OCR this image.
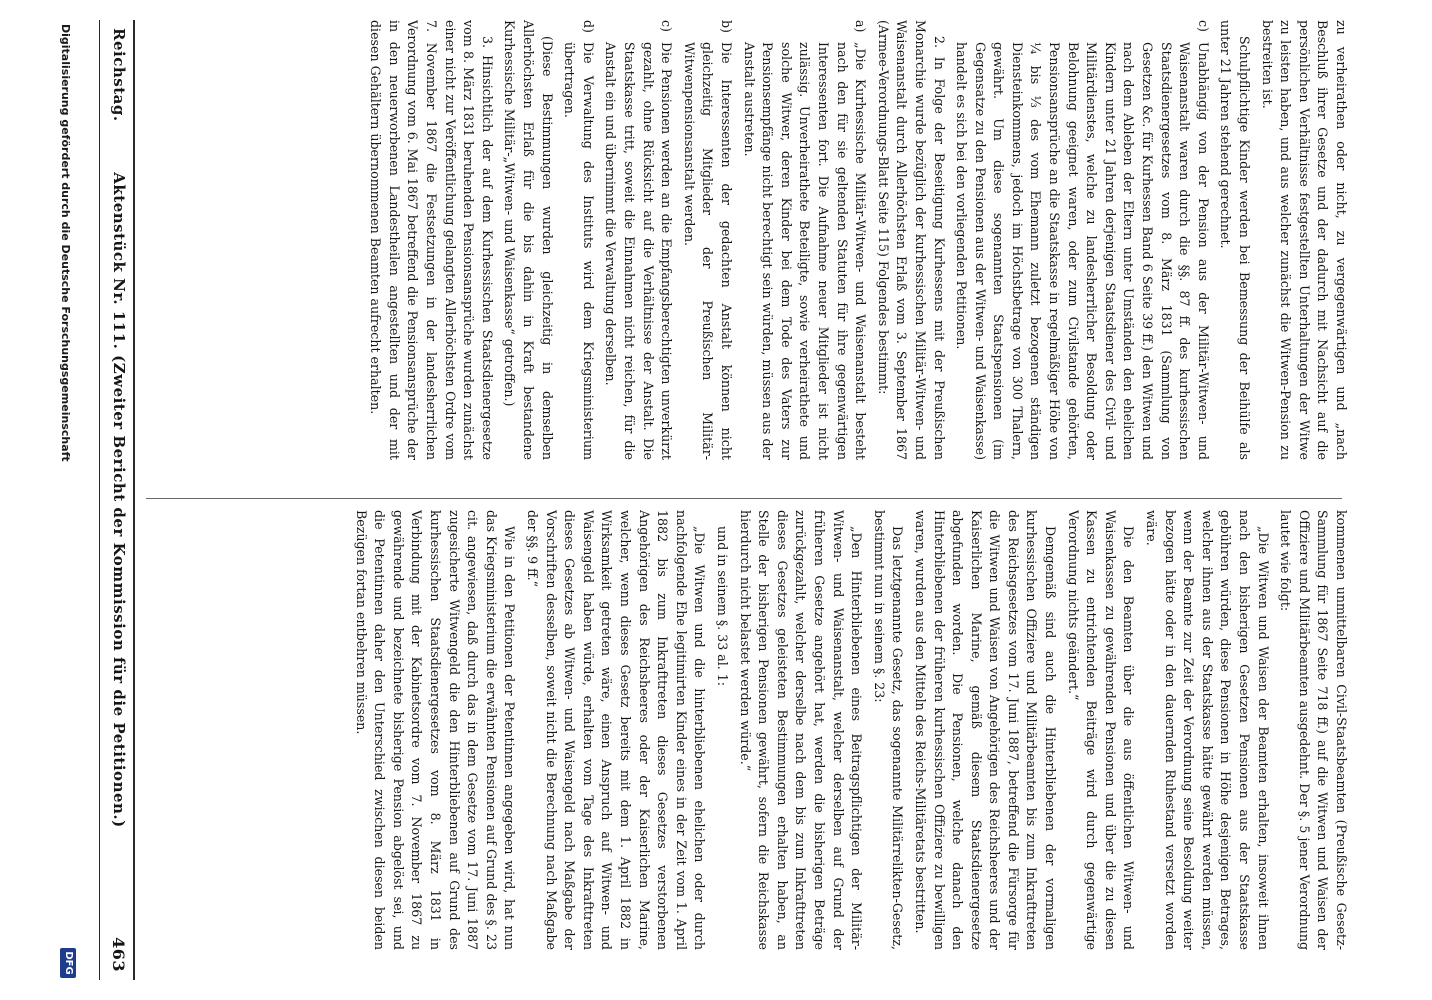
Reichstag.
Aktenstück Nr. 111. (Zweiter Bericht der Kommission für die Petitionen.)
463

zu verheirathen oder nicht, zu vergegenwärtigen und „nach Beschluß ihrer Gesetze und der dadurch mit Nachsicht auf die persönlichen Verhältnisse festgestellten Unterhaltungen der Witwe zu leisten haben, und aus welcher zunächst die Witwen-Pension zu bestreiten ist.

Schulpflichtige Kinder werden bei Bemessung der Beihülfe als unter 21 Jahren stehend gerechnet.

c)
Unabhängig von der Pension aus der Militär-Witwen- und Waisenanstalt waren durch die §§. 87 ff. des kurhessischen Staatsdienergesetzes vom 8. März 1831 (Sammlung von Gesetzen &c. für Kurhessen Band 6 Seite 39 ff.) den Witwen und nach dem Ableben der Eltern unter Umständen den ehelichen Kindern unter 21 Jahren derjenigen Staatsdiener des Civil- und Militärdienstes, welche zu landesherrlicher Besoldung oder Belohnung geeignet waren, oder zum Civilstande gehörten, Pensionsansprüche an die Staatskasse in regelmäßiger Höhe von ¼ bis ⅓ des vom Ehemann zuletzt bezogenen ständigen Diensteinkommens, jedoch im Höchstbetrage von 300 Thalern, gewährt. Um diese sogenannten Staatspensionen (im Gegensatze zu den Pensionen aus der Witwen- und Waisenkasse) handelt es sich bei den vorliegenden Petitionen.

2. In Folge der Beseitigung Kurhessens mit der Preußischen Monarchie wurde bezüglich der kurhessischen Militär-Witwen- und Waisenanstalt durch Allerhöchsten Erlaß vom 3. September 1867 (Armee-Verordnungs-Blatt Seite 115) Folgendes bestimmt:

a)
„Die Kurhessische Militär-Witwen- und Waisenanstalt besteht nach den für sie geltenden Statuten für ihre gegenwärtigen Interessenten fort. Die Aufnahme neuer Mitglieder ist nicht zulässig. Unverheirathete Beteiligte, sowie verheirathete und solche Witwer, deren Kinder bei dem Tode des Vaters zur Pensionsempfänge nicht berechtigt sein würden, müssen aus der Anstalt austreten.

b)
Die Interessenten der gedachten Anstalt können nicht gleichzeitig Mitglieder der Preußischen Militär-Witwenpensionsanstalt werden.

c)
Die Pensionen werden an die Empfangsberechtigten unverkürzt gezahlt, ohne Rücksicht auf die Verhältnisse der Anstalt. Die Staatskasse tritt, soweit die Einnahmen nicht reichen, für die Anstalt ein und übernimmt die Verwaltung derselben.

d)
Die Verwaltung des Instituts wird dem Kriegsministerium übertragen.

(Diese Bestimmungen wurden gleichzeitig in demselben Allerhöchsten Erlaß für die bis dahin in Kraft bestandene Kurhessische Militär-„Witwen- und Waisenkasse“ getroffen.)

3. Hinsichtlich der auf dem Kurhessischen Staatsdienergesetze vom 8. März 1831 beruhenden Pensionsansprüche wurden zunächst einer nicht zur Veröffentlichung gelangten Allerhöchsten Ordre vom 7. November 1867 die Festsetzungen in der landesherrlichen Verordnung vom 6. Mai 1867 betreffend die Pensionsansprüche der in den neuerworbenen Landestheilen angestellten und der mit diesen Gehältern übernommenen Beamten aufrecht erhalten.

kommenen unmittelbaren Civil-Staatsbeamten (Preußische Gesetz-Sammlung für 1867 Seite 718 ff.) auf die Witwen und Waisen der Offiziere und Militärbeamten ausgedehnt. Der §. 5 jener Verordnung lautet wie folgt:

„Die Witwen und Waisen der Beamten erhalten, insoweit ihnen nach den bisherigen Gesetzen Pensionen aus der Staatskasse gebühren würden, diese Pensionen in Höhe desjenigen Betrages, welcher ihnen aus der Staatskasse hätte gewährt werden müssen, wenn der Beamte zur Zeit der Verordnung seine Besoldung weiter bezogen hätte oder in den dauernden Ruhestand versetzt worden wäre.

Die den Beamten über die aus öffentlichen Witwen- und Waisenkassen zu gewährenden Pensionen und über die zu diesen Kassen zu entrichtenden Beiträge wird durch gegenwärtige Verordnung nichts geändert.“

Demgemäß sind auch die Hinterbliebenen der vormaligen kurhessischen Offiziere und Militärbeamten bis zum Inkrafttreten des Reichsgesetzes vom 17. Juni 1887, betreffend die Fürsorge für die Witwen und Waisen von Angehörigen des Reichsheeres und der Kaiserlichen Marine, gemäß diesem Staatsdienergesetze abgefunden worden. Die Pensionen, welche danach den Hinterbliebenen der früheren kurhessischen Offiziere zu bewilligen waren, wurden aus den Mitteln des Reichs-Militäretats bestritten.

Das letztgenannte Gesetz, das sogenannte Militärrelikten-Gesetz, bestimmt nun in seinem §. 23:

„Den Hinterbliebenen eines Beitragspflichtigen der Militär-Witwen- und Waisenanstalt, welcher derselben auf Grund der früheren Gesetze angehört hat, werden die bisherigen Beträge zurückgezahlt, welcher derselbe nach dem bis zum Inkrafttreten dieses Gesetzes geleisteten Bestimmungen erhalten haben, an Stelle der bisherigen Pensionen gewährt, sofern die Reichskasse hierdurch nicht belastet werden würde.“

und in seinem §. 33 al. 1:

„Die Witwen und die hinterbliebenen ehelichen oder durch nachfolgende Ehe legitimirten Kinder eines in der Zeit vom 1. April 1882 bis zum Inkrafttreten dieses Gesetzes verstorbenen Angehörigen des Reichsheeres oder der Kaiserlichen Marine, welcher, wenn dieses Gesetz bereits mit dem 1. April 1882 in Wirksamkeit getreten wäre, einen Anspruch auf Witwen- und Waisengeld haben würde, erhalten vom Tage des Inkrafttreten dieses Gesetzes ab Witwen- und Waisengeld nach Maßgabe der Vorschriften desselben, soweit nicht die Berechnung nach Maßgabe der §§. 9 ff.“

Wie in den Petitionen der Petentinnen angegeben wird, hat nun das Kriegsministerium die erwähnten Pensionen auf Grund des §. 23 cit. angewiesen, daß durch das in dem Gesetze vom 17. Juni 1887 zugesicherte Witwengeld die den Hinterbliebenen auf Grund des kurhessischen Staatsdienergesetzes vom 8. März 1831 in Verbindung mit der Kabinetsordre vom 7. November 1867 zu gewährende und bezeichnete bisherige Pension abgelöst sei, und die Petentinnen daher den Unterschied zwischen diesen beiden Bezügen fortan entbehren müssen.

Digitalisierung gefördert durch die Deutsche Forschungsgemeinschaft
DFG
